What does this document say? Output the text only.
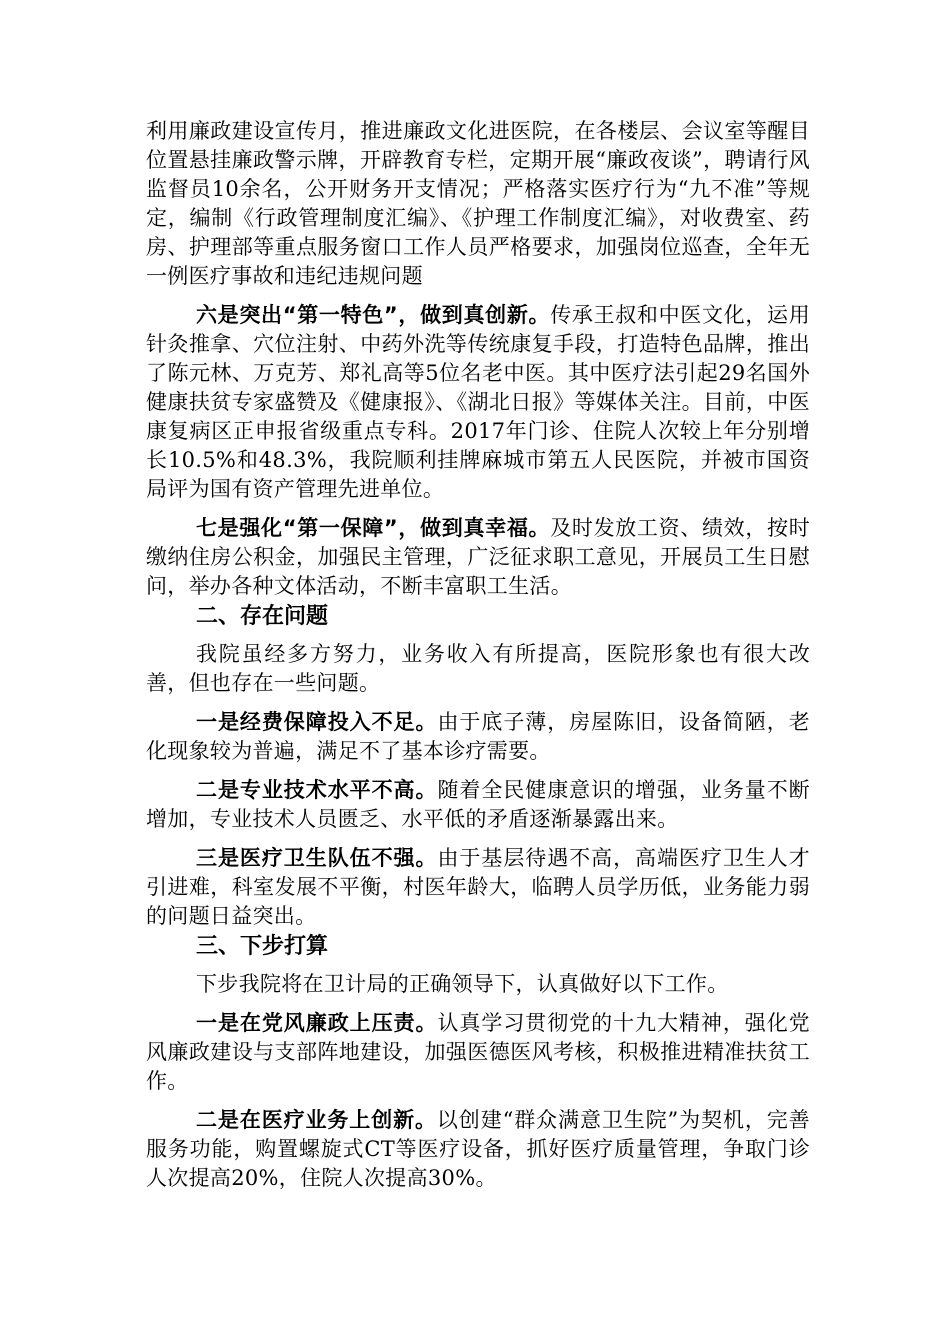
利用廉政建设宣传月，推进廉政文化进医院，在各楼层、会议室等醒目位置悬挂廉政警示牌，开辟教育专栏，定期开展“廉政夜谈”，聘请行风监督员10余名，公开财务开支情况；严格落实医疗行为“九不准”等规定，编制《行政管理制度汇编》、《护理工作制度汇编》，对收费室、药房、护理部等重点服务窗口工作人员严格要求，加强岗位巡查，全年无一例医疗事故和违纪违规问题

六是突出“第一特色”，做到真创新。传承王叔和中医文化，运用针灸推拿、穴位注射、中药外洗等传统康复手段，打造特色品牌，推出了陈元林、万克芳、郑礼高等5位名老中医。其中医疗法引起29名国外健康扶贫专家盛赞及《健康报》、《湖北日报》等媒体关注。目前，中医康复病区正申报省级重点专科。2017年门诊、住院人次较上年分别增长10.5%和48.3%，我院顺利挂牌麻城市第五人民医院，并被市国资局评为国有资产管理先进单位。

七是强化“第一保障”，做到真幸福。及时发放工资、绩效，按时缴纳住房公积金，加强民主管理，广泛征求职工意见，开展员工生日慰问，举办各种文体活动，不断丰富职工生活。

二、存在问题

我院虽经多方努力，业务收入有所提高，医院形象也有很大改善，但也存在一些问题。

一是经费保障投入不足。由于底子薄，房屋陈旧，设备简陋，老化现象较为普遍，满足不了基本诊疗需要。

二是专业技术水平不高。随着全民健康意识的增强，业务量不断增加，专业技术人员匮乏、水平低的矛盾逐渐暴露出来。

三是医疗卫生队伍不强。由于基层待遇不高，高端医疗卫生人才引进难，科室发展不平衡，村医年龄大，临聘人员学历低，业务能力弱的问题日益突出。

三、下步打算

下步我院将在卫计局的正确领导下，认真做好以下工作。

一是在党风廉政上压责。认真学习贯彻党的十九大精神，强化党风廉政建设与支部阵地建设，加强医德医风考核，积极推进精准扶贫工作。

二是在医疗业务上创新。以创建“群众满意卫生院”为契机，完善服务功能，购置螺旋式CT等医疗设备，抓好医疗质量管理，争取门诊人次提高20%，住院人次提高30%。
